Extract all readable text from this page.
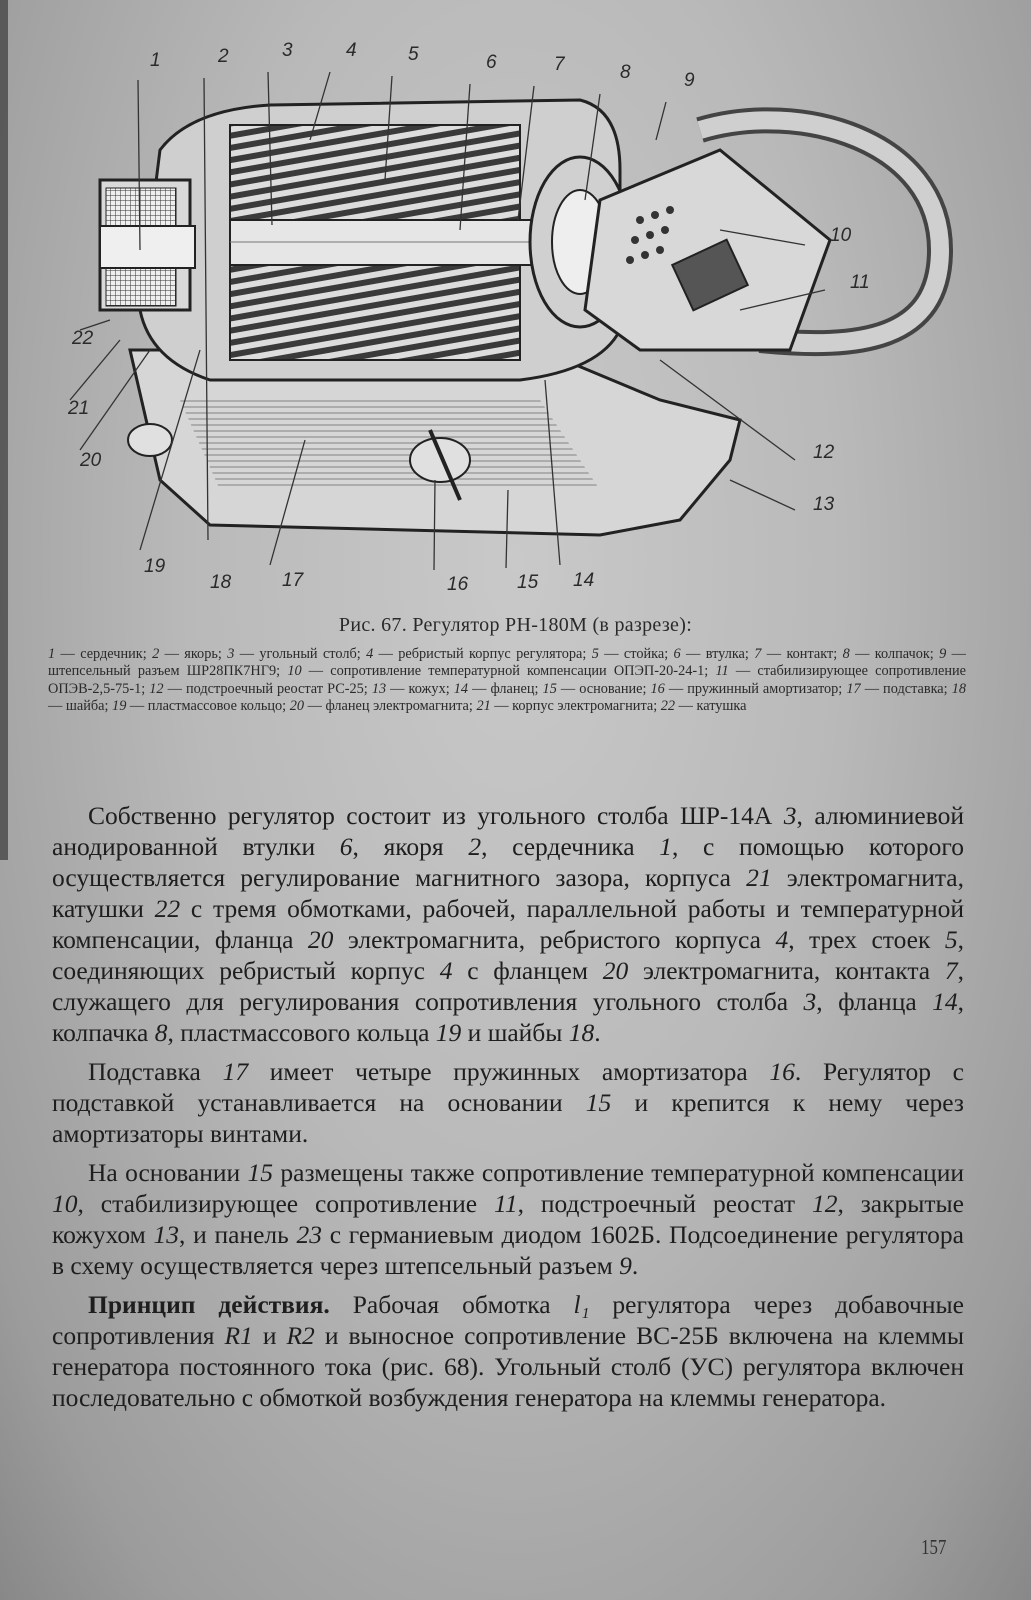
1	2	3	4	5	6	7	8	9
10
11
12
13
14
15
16
17
18
19
20
21
22
Рис. 67. Регулятор РН-180М (в разрезе):
1 — сердечник; 2 — якорь; 3 — угольный столб; 4 — ребристый корпус регулятора; 5 — стойка; 6 — втулка; 7 — контакт; 8 — колпачок; 9 — штепсельный разъем ШР28ПК7НГ9; 10 — сопротивление температурной компенсации ОПЭП-20-24-1; 11 — стабилизирующее сопротивление ОПЭВ-2,5-75-1; 12 — подстроечный реостат РС-25; 13 — кожух; 14 — фланец; 15 — основание; 16 — пружинный амортизатор; 17 — подставка; 18 — шайба; 19 — пластмассовое кольцо; 20 — фланец электромагнита; 21 — корпус электромагнита; 22 — катушка

Собственно регулятор состоит из угольного столба ШР-14А 3, алюминиевой анодированной втулки 6, якоря 2, сердечника 1, с помощью которого осуществляется регулирование магнитного зазора, корпуса 21 электромагнита, катушки 22 с тремя обмотками, рабочей, параллельной работы и температурной компенсации, фланца 20 электромагнита, ребристого корпуса 4, трех стоек 5, соединяющих ребристый корпус 4 с фланцем 20 электромагнита, контакта 7, служащего для регулирования сопротивления угольного столба 3, фланца 14, колпачка 8, пластмассового кольца 19 и шайбы 18.

Подставка 17 имеет четыре пружинных амортизатора 16. Регулятор с подставкой устанавливается на основании 15 и крепится к нему через амортизаторы винтами.

На основании 15 размещены также сопротивление температурной компенсации 10, стабилизирующее сопротивление 11, подстроечный реостат 12, закрытые кожухом 13, и панель 23 с германиевым диодом 1602Б. Подсоединение регулятора в схему осуществляется через штепсельный разъем 9.

Принцип действия. Рабочая обмотка l₁ регулятора через добавочные сопротивления R1 и R2 и выносное сопротивление ВС-25Б включена на клеммы генератора постоянного тока (рис. 68). Угольный столб (УС) регулятора включен последовательно с обмоткой возбуждения генератора на клеммы генератора.

157
